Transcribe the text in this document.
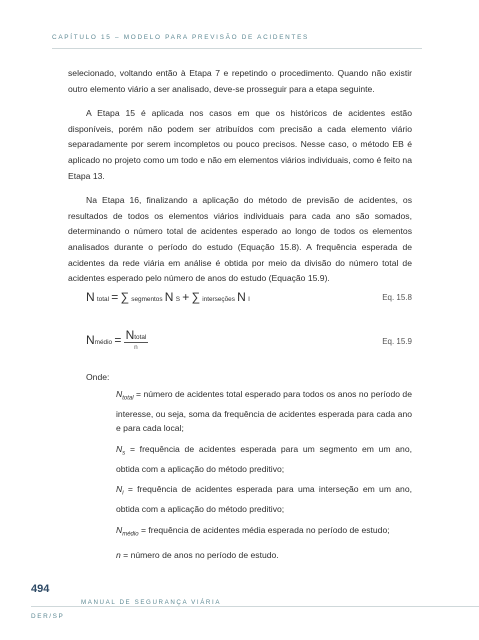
CAPÍTULO 15 – MODELO PARA PREVISÃO DE ACIDENTES

selecionado, voltando então à Etapa 7 e repetindo o procedimento. Quando não existir outro elemento viário a ser analisado, deve-se prosseguir para a etapa seguinte.

A Etapa 15 é aplicada nos casos em que os históricos de acidentes estão disponíveis, porém não podem ser atribuídos com precisão a cada elemento viário separadamente por serem incompletos ou pouco precisos. Nesse caso, o método EB é aplicado no projeto como um todo e não em elementos viários individuais, como é feito na Etapa 13.

Na Etapa 16, finalizando a aplicação do método de previsão de acidentes, os resultados de todos os elementos viários individuais para cada ano são somados, determinando o número total de acidentes esperado ao longo de todos os elementos analisados durante o período do estudo (Equação 15.8). A frequência esperada de acidentes da rede viária em análise é obtida por meio da divisão do número total de acidentes esperado pelo número de anos do estudo (Equação 15.9).

N total = ∑ segmentos N S + ∑ interseções N I	Eq. 15.8
Nmédio = $\frac{\text{Ntotal}}{n}$	Eq. 15.9
Onde:

$N_{total}$ = número de acidentes total esperado para todos os anos no período de interesse, ou seja, soma da frequência de acidentes esperada para cada ano e para cada local;

$N_s$ = frequência de acidentes esperada para um segmento em um ano, obtida com a aplicação do método preditivo;

$N_i$ = frequência de acidentes esperada para uma interseção em um ano, obtida com a aplicação do método preditivo;

$N_{médio}$ = frequência de acidentes média esperada no período de estudo;

n = número de anos no período de estudo.

494
MANUAL DE SEGURANÇA VIÁRIA
DER/SP
